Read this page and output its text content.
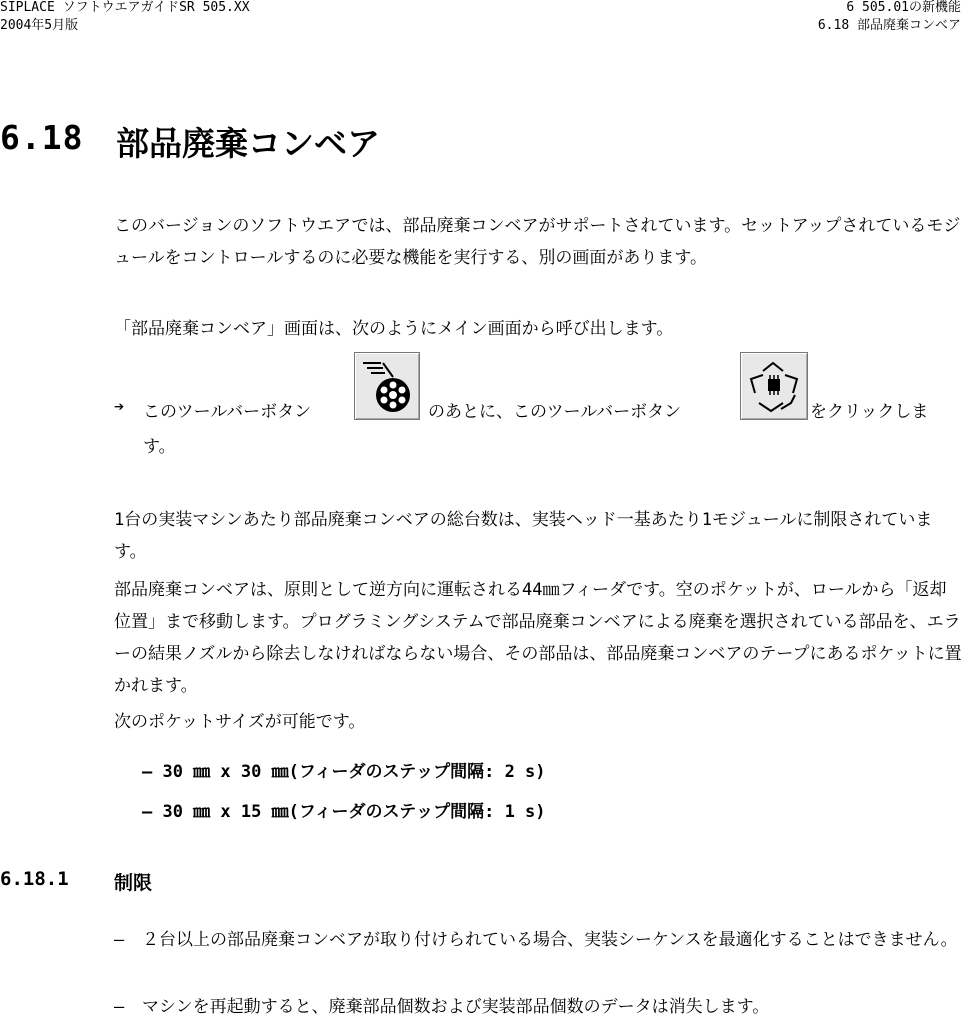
SIPLACE ソフトウエアガイドSR 505.XX
2004年5月版
6 505.01の新機能
6.18 部品廃棄コンベア
6.18 部品廃棄コンベア
このバージョンのソフトウエアでは、部品廃棄コンベアがサポートされています。セットアップされているモジュールをコントロールするのに必要な機能を実行する、別の画面があります。
「部品廃棄コンベア」画面は、次のようにメイン画面から呼び出します。
➔ このツールバーボタン	のあとに、このツールバーボタン	をクリックしま
す。
1台の実装マシンあたり部品廃棄コンベアの総台数は、実装ヘッド一基あたり1モジュールに制限されています。
部品廃棄コンベアは、原則として逆方向に運転される44㎜フィーダです。空のポケットが、ロールから「返却位置」まで移動します。プログラミングシステムで部品廃棄コンベアによる廃棄を選択されている部品を、エラーの結果ノズルから除去しなければならない場合、その部品は、部品廃棄コンベアのテープにあるポケットに置かれます。
次のポケットサイズが可能です。
– 30 ㎜ x 30 ㎜(フィーダのステップ間隔: 2 s)
– 30 ㎜ x 15 ㎜(フィーダのステップ間隔: 1 s)
6.18.1 制限
– ２台以上の部品廃棄コンベアが取り付けられている場合、実装シーケンスを最適化することはできません。
– マシンを再起動すると、廃棄部品個数および実装部品個数のデータは消失します。
